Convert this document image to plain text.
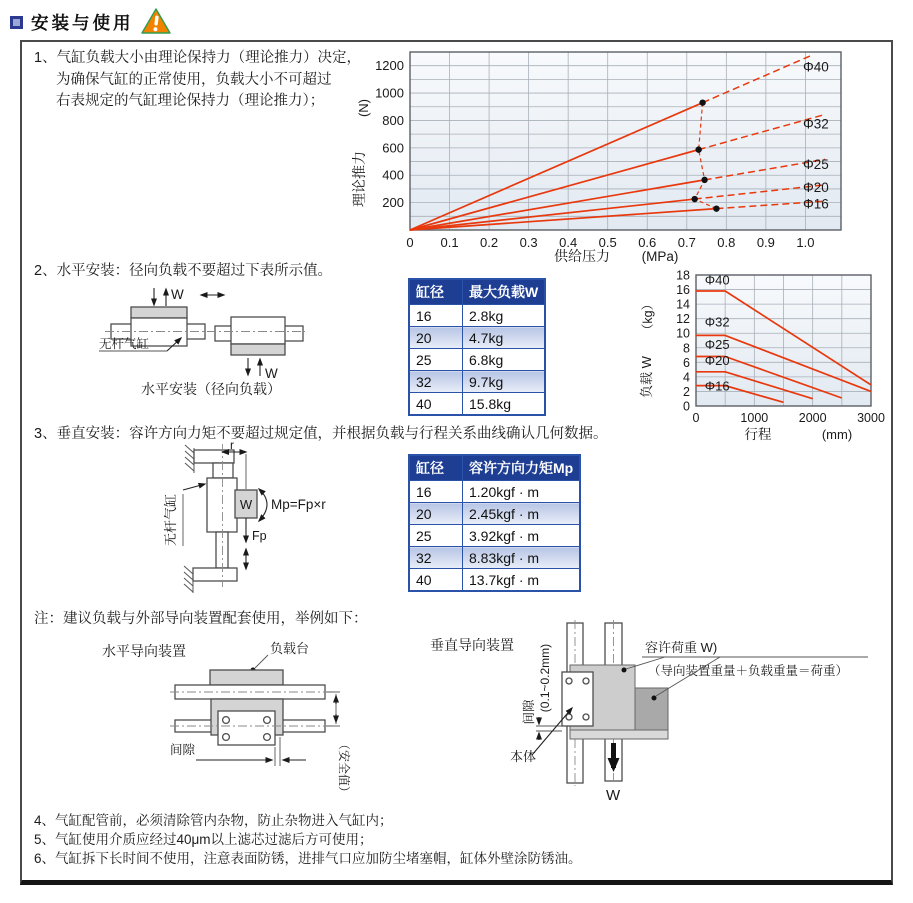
安装与使用
1、气缸负载大小由理论保持力（理论推力）决定，
为确保气缸的正常使用，负载大小不可超过
右表规定的气缸理论保持力（理论推力）；
Φ40
Φ32
Φ25
Φ20
Φ16
200
400
600
800
1000
1200
0 0.1 0.2 0.3 0.4 0.5 0.6 0.7 0.8 0.9 1.0
理论推力
(N)
供给压力 (MPa)
2、水平安装：径向负载不要超过下表所示值。
W
W
无杆气缸
水平安装（径向负载）
缸径	最大负载W
16	2.8kg
20	4.7kg
25	6.8kg
32	9.7kg
40	15.8kg
Φ40
Φ32
Φ25
Φ20
Φ16
0
2
4
6
8
10
12
14
16
18
0	1000 2000 3000
负载 W
（kg）
行程	(mm)
3、垂直安装：容许方向力矩不要超过规定值，并根据负载与行程关系曲线确认几何数据。
W
r
Fp
Mp=Fp×r
无杆气缸
缸径	容许方向力矩Mp
16	1.20kgf · m
20	2.45kgf · m
25	3.92kgf · m
32	8.83kgf · m
40	13.7kgf · m
注：建议负载与外部导向装置配套使用，举例如下：
水平导向装置	负载台
间隙	（安全值）
垂直导向装置
W
容许荷重 W)
（导向装置重量＋负载重量＝荷重）
间隙 (0.1~0.2mm)
本体
4、气缸配管前，必须清除管内杂物，防止杂物进入气缸内；
5、气缸使用介质应经过40μm以上滤芯过滤后方可使用；
6、气缸拆下长时间不使用，注意表面防锈，进排气口应加防尘堵塞帽，缸体外壁涂防锈油。
